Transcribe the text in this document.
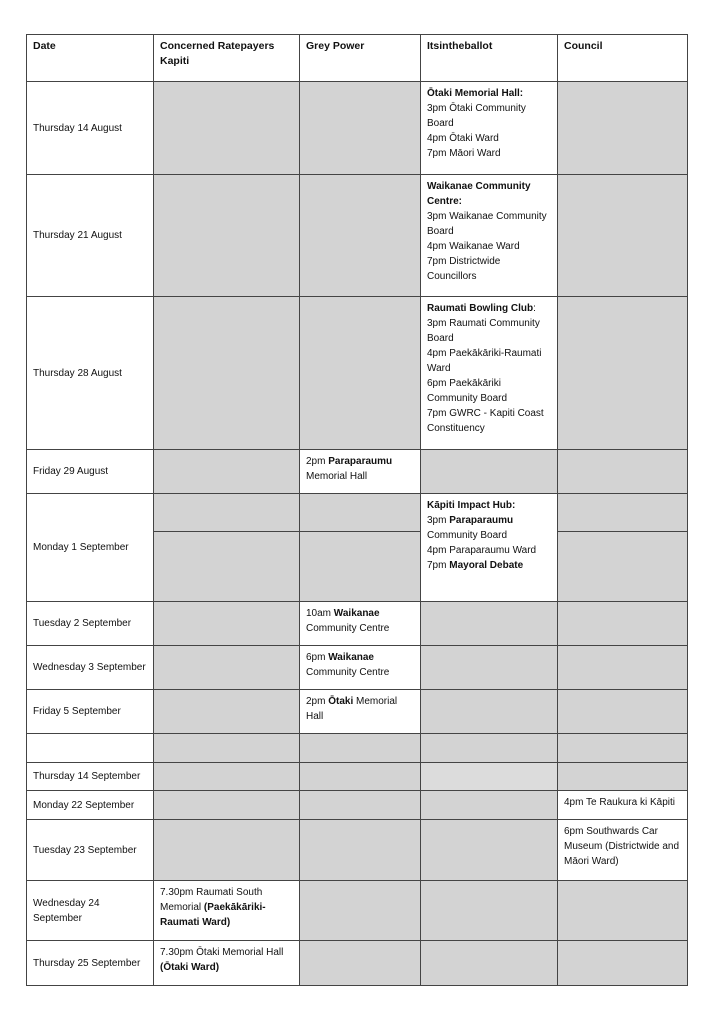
Date	Concerned Ratepayers Kapiti	Grey Power	Itsintheballot	Council
Thursday 14 August			Ōtaki Memorial Hall:
3pm Ōtaki Community Board
4pm Ōtaki Ward
7pm Māori Ward	

Thursday 21 August			Waikanae Community Centre:
3pm Waikanae Community Board
4pm Waikanae Ward
7pm Districtwide Councillors	

Thursday 28 August			Raumati Bowling Club:
3pm Raumati Community Board
4pm Paekākāriki-Raumati Ward
6pm Paekākāriki Community Board
7pm GWRC - Kapiti Coast Constituency	

Friday 29 August		2pm Paraparaumu Memorial Hall		
Monday 1 September			Kāpiti Impact Hub:
3pm Paraparaumu Community Board
4pm Paraparaumu Ward
7pm Mayoral Debate	

Tuesday 2 September		10am Waikanae Community Centre		
Wednesday 3 September		6pm Waikanae Community Centre		
Friday 5 September		2pm Ōtaki Memorial Hall		

Thursday 14 September				
Monday 22 September				4pm Te Raukura ki Kāpiti
Tuesday 23 September				6pm Southwards Car Museum (Districtwide and Māori Ward)
Wednesday 24 September	7.30pm Raumati South Memorial (Paekākāriki-Raumati Ward)			
Thursday 25 September	7.30pm Ōtaki Memorial Hall (Ōtaki Ward)			
